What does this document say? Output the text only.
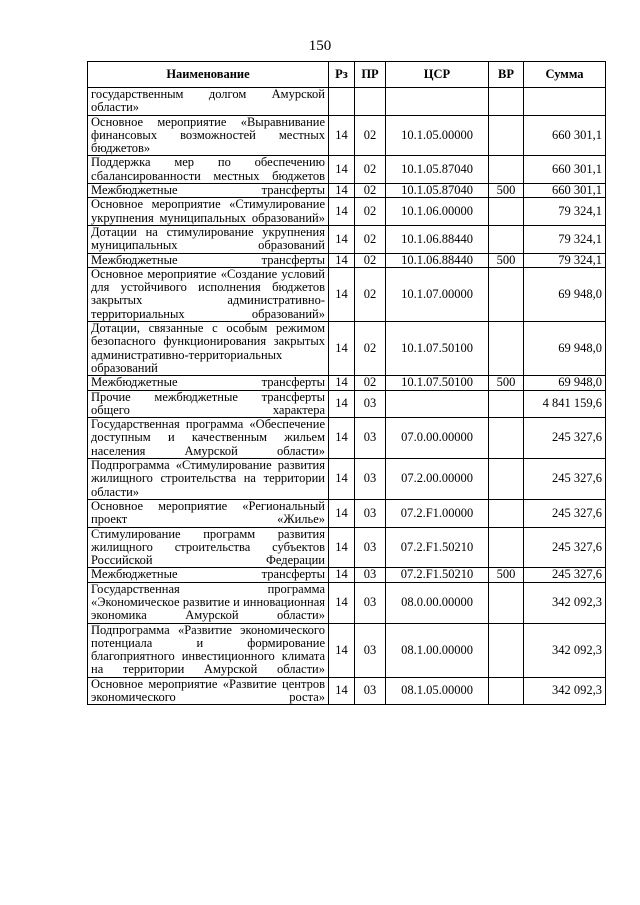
150
Наименование	Рз	ПР	ЦСР	ВР	Сумма
государственным долгом Амурской области»					
Основное мероприятие «Выравнивание финансовых возможностей местных бюджетов»	14	02	10.1.05.00000		660 301,1
Поддержка мер по обеспечению сбалансированности местных бюджетов	14	02	10.1.05.87040		660 301,1
Межбюджетные трансферты	14	02	10.1.05.87040	500	660 301,1
Основное мероприятие «Стимулирование укрупнения муниципальных образований»	14	02	10.1.06.00000		79 324,1
Дотации на стимулирование укрупнения муниципальных образований	14	02	10.1.06.88440		79 324,1
Межбюджетные трансферты	14	02	10.1.06.88440	500	79 324,1
Основное мероприятие «Создание условий для устойчивого исполнения бюджетов закрытых административно-территориальных образований»	14	02	10.1.07.00000		69 948,0
Дотации, связанные с особым режимом безопасного функционирования закрытых административно-территориальных образований	14	02	10.1.07.50100		69 948,0
Межбюджетные трансферты	14	02	10.1.07.50100	500	69 948,0
Прочие межбюджетные трансферты общего характера	14	03			4 841 159,6
Государственная программа «Обеспечение доступным и качественным жильем населения Амурской области»	14	03	07.0.00.00000		245 327,6
Подпрограмма «Стимулирование развития жилищного строительства на территории области»	14	03	07.2.00.00000		245 327,6
Основное мероприятие «Региональный проект «Жилье»	14	03	07.2.F1.00000		245 327,6
Стимулирование программ развития жилищного строительства субъектов Российской Федерации	14	03	07.2.F1.50210		245 327,6
Межбюджетные трансферты	14	03	07.2.F1.50210	500	245 327,6
Государственная программа «Экономическое развитие и инновационная экономика Амурской области»	14	03	08.0.00.00000		342 092,3
Подпрограмма «Развитие экономического потенциала и формирование благоприятного инвестиционного климата на территории Амурской области»	14	03	08.1.00.00000		342 092,3
Основное мероприятие «Развитие центров экономического роста»	14	03	08.1.05.00000		342 092,3
